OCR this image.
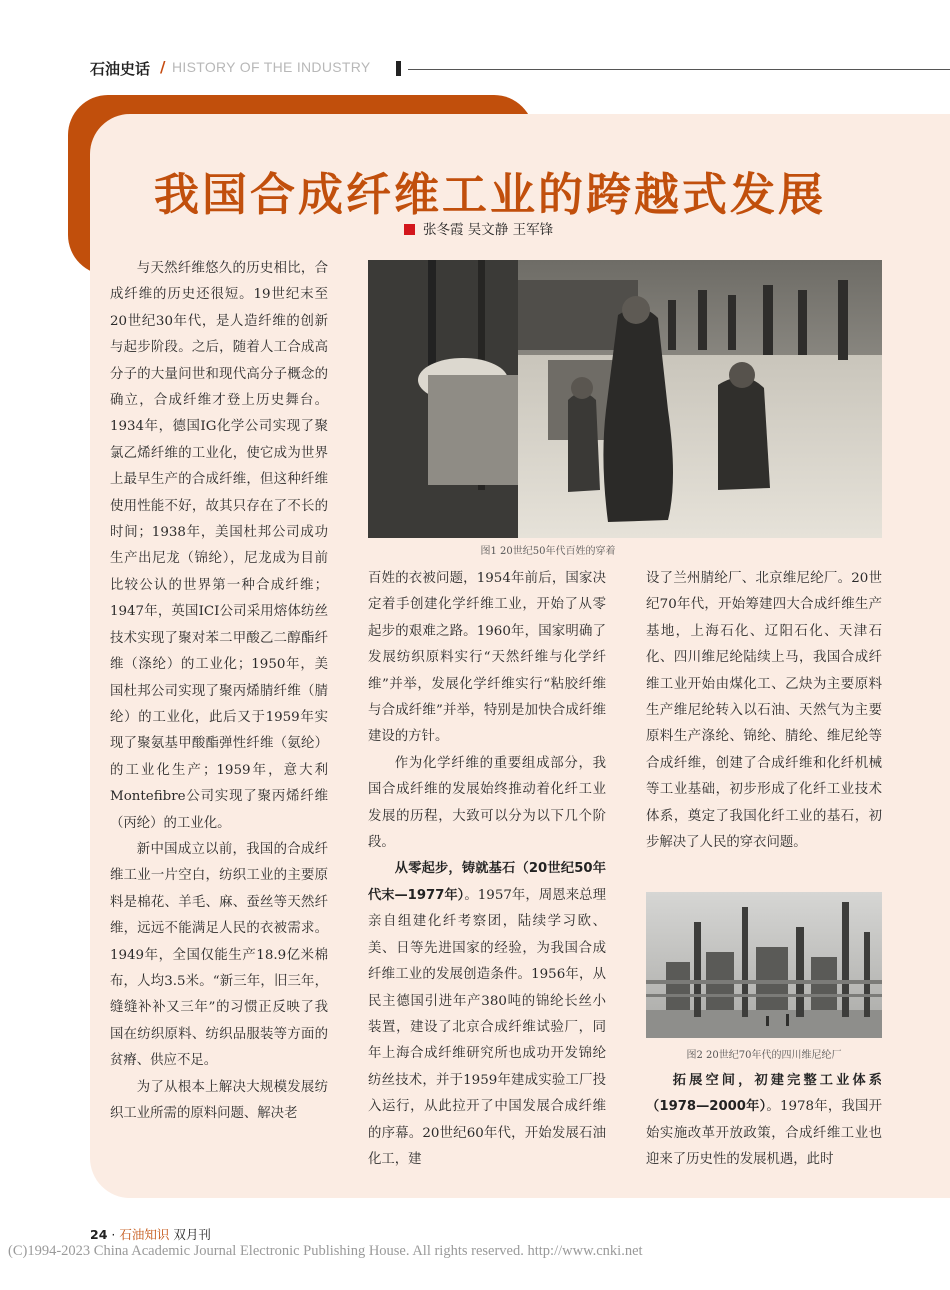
石油史话 / HISTORY OF THE INDUSTRY
我国合成纤维工业的跨越式发展
张冬霞 吴文静 王军锋

与天然纤维悠久的历史相比，合成纤维的历史还很短。19世纪末至20世纪30年代，是人造纤维的创新与起步阶段。之后，随着人工合成高分子的大量问世和现代高分子概念的确立，合成纤维才登上历史舞台。1934年，德国IG化学公司实现了聚氯乙烯纤维的工业化，使它成为世界上最早生产的合成纤维，但这种纤维使用性能不好，故其只存在了不长的时间；1938年，美国杜邦公司成功生产出尼龙（锦纶），尼龙成为目前比较公认的世界第一种合成纤维；1947年，英国ICI公司采用熔体纺丝技术实现了聚对苯二甲酸乙二醇酯纤维（涤纶）的工业化；1950年，美国杜邦公司实现了聚丙烯腈纤维（腈纶）的工业化，此后又于1959年实现了聚氨基甲酸酯弹性纤维（氨纶）的工业化生产；1959年，意大利Montefibre公司实现了聚丙烯纤维（丙纶）的工业化。

新中国成立以前，我国的合成纤维工业一片空白，纺织工业的主要原料是棉花、羊毛、麻、蚕丝等天然纤维，远远不能满足人民的衣被需求。1949年，全国仅能生产18.9亿米棉布，人均3.5米。“新三年，旧三年，缝缝补补又三年”的习惯正反映了我国在纺织原料、纺织品服装等方面的贫瘠、供应不足。

为了从根本上解决大规模发展纺织工业所需的原料问题、解决老

图1 20世纪50年代百姓的穿着

百姓的衣被问题，1954年前后，国家决定着手创建化学纤维工业，开始了从零起步的艰难之路。1960年，国家明确了发展纺织原料实行“天然纤维与化学纤维”并举，发展化学纤维实行“粘胶纤维与合成纤维”并举，特别是加快合成纤维建设的方针。

作为化学纤维的重要组成部分，我国合成纤维的发展始终推动着化纤工业发展的历程，大致可以分为以下几个阶段。

从零起步，铸就基石（20世纪50年代末—1977年）。1957年，周恩来总理亲自组建化纤考察团，陆续学习欧、美、日等先进国家的经验，为我国合成纤维工业的发展创造条件。1956年，从民主德国引进年产380吨的锦纶长丝小装置，建设了北京合成纤维试验厂，同年上海合成纤维研究所也成功开发锦纶纺丝技术，并于1959年建成实验工厂投入运行，从此拉开了中国发展合成纤维的序幕。20世纪60年代，开始发展石油化工，建

设了兰州腈纶厂、北京维尼纶厂。20世纪70年代，开始筹建四大合成纤维生产基地，上海石化、辽阳石化、天津石化、四川维尼纶陆续上马，我国合成纤维工业开始由煤化工、乙炔为主要原料生产维尼纶转入以石油、天然气为主要原料生产涤纶、锦纶、腈纶、维尼纶等合成纤维，创建了合成纤维和化纤机械等工业基础，初步形成了化纤工业技术体系，奠定了我国化纤工业的基石，初步解决了人民的穿衣问题。

图2 20世纪70年代的四川维尼纶厂

拓展空间，初建完整工业体系（1978—2000年）。1978年，我国开始实施改革开放政策，合成纤维工业也迎来了历史性的发展机遇，此时

24 · 石油知识 双月刊
(C)1994-2023 China Academic Journal Electronic Publishing House. All rights reserved. http://www.cnki.net
